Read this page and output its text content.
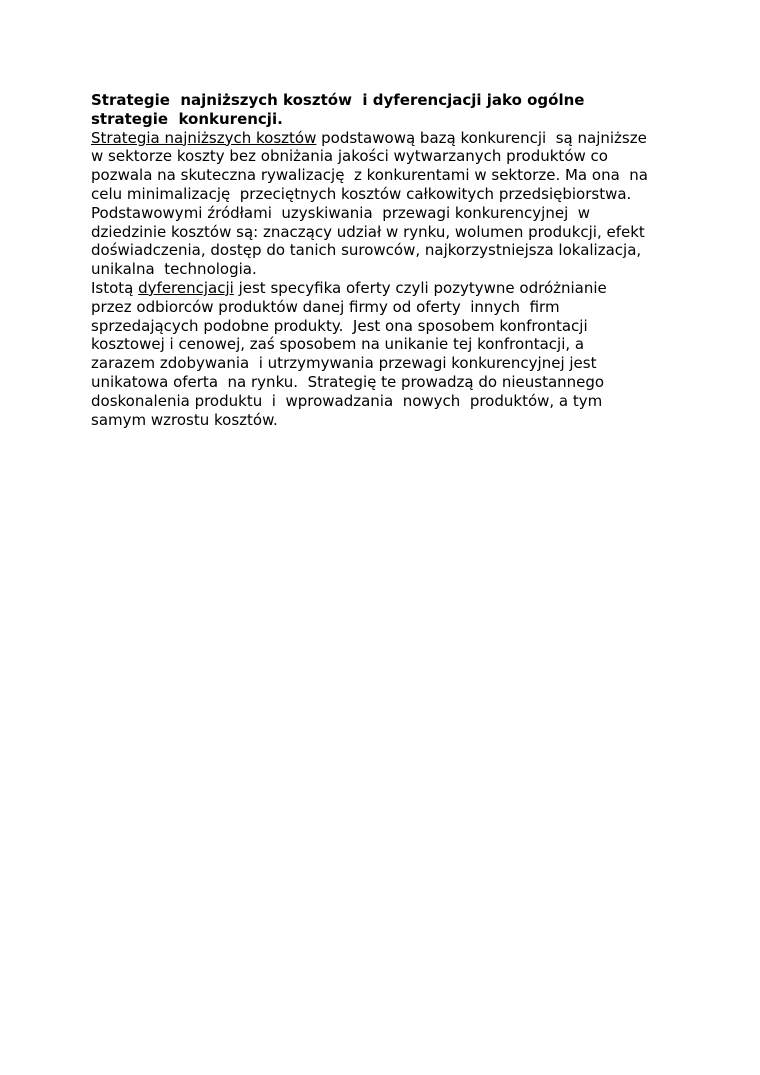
Strategie  najniższych kosztów  i dyferencjacji jako ogólne
strategie  konkurencji.
Strategia najniższych kosztów podstawową bazą konkurencji  są najniższe
w sektorze koszty bez obniżania jakości wytwarzanych produktów co
pozwala na skuteczna rywalizację  z konkurentami w sektorze. Ma ona  na
celu minimalizację  przeciętnych kosztów całkowitych przedsiębiorstwa.
Podstawowymi źródłami  uzyskiwania  przewagi konkurencyjnej  w
dziedzinie kosztów są: znaczący udział w rynku, wolumen produkcji, efekt
doświadczenia, dostęp do tanich surowców, najkorzystniejsza lokalizacja,
unikalna  technologia.
Istotą dyferencjacji jest specyfika oferty czyli pozytywne odróżnianie
przez odbiorców produktów danej firmy od oferty  innych  firm
sprzedających podobne produkty.  Jest ona sposobem konfrontacji
kosztowej i cenowej, zaś sposobem na unikanie tej konfrontacji, a
zarazem zdobywania  i utrzymywania przewagi konkurencyjnej jest
unikatowa oferta  na rynku.  Strategię te prowadzą do nieustannego
doskonalenia produktu  i  wprowadzania  nowych  produktów, a tym
samym wzrostu kosztów.
